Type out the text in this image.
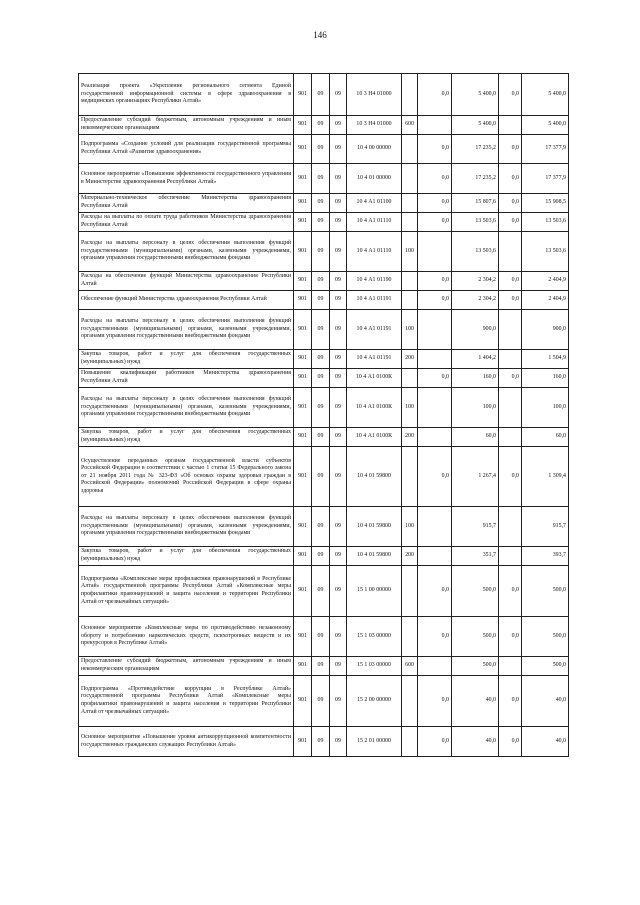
146
Реализация проекта «Укрепление регионального сегмента Единой государственной информационной системы в сфере здравоохранения в медицинских организациях Республики Алтай»	901	09	09	10 3 Н4 01000		0,0	5 400,0	0,0	5 400,0
Предоставление субсидий бюджетным, автономным учреждениям и иным некоммерческим организациям	901	09	09	10 3 Н4 01000	600		5 400,0		5 400,0
Подпрограмма «Создание условий для реализации государственной программы Республики Алтай «Развитие здравоохранения»	901	09	09	10 4 00 00000		0,0	17 235,2	0,0	17 377,9
Основное мероприятие «Повышение эффективности государственного управления в Министерстве здравоохранения Республики Алтай»	901	09	09	10 4 01 00000		0,0	17 235,2	0,0	17 377,9
Материально-техническое обеспечение Министерства здравоохранения Республики Алтай	901	09	09	10 4 А1 01100		0,0	15 807,6	0,0	15 908,5
Расходы на выплаты по оплате труда работников Министерства здравоохранения Республики Алтай	901	09	09	10 4 А1 01110		0,0	13 503,6	0,0	13 503,6
Расходы на выплаты персоналу в целях обеспечения выполнения функций государственными (муниципальными) органами, казенными учреждениями, органами управления государственными внебюджетными фондами	901	09	09	10 4 А1 01110	100		13 503,6		13 503,6
Расходы на обеспечение функций Министерства здравоохранения Республики Алтай	901	09	09	10 4 А1 01190		0,0	2 304,2	0,0	2 404,9
Обеспечение функций Министерства здравоохранения Республики Алтай	901	09	09	10 4 А1 01191		0,0	2 304,2	0,0	2 404,9
Расходы на выплаты персоналу в целях обеспечения выполнения функций государственными (муниципальными) органами, казенными учреждениями, органами управления государственными внебюджетными фондами	901	09	09	10 4 А1 01191	100		900,0		900,0
Закупка товаров, работ и услуг для обеспечения государственных (муниципальных) нужд	901	09	09	10 4 А1 01191	200		1 404,2		1 504,9
Повышение квалификации работников Министерства здравоохранения Республики Алтай	901	09	09	10 4 А1 0100К		0,0	160,0	0,0	160,0
Расходы на выплаты персоналу в целях обеспечения выполнения функций государственными (муниципальными) органами, казенными учреждениями, органами управления государственными внебюджетными фондами	901	09	09	10 4 А1 0100К	100		100,0		100,0
Закупка товаров, работ и услуг для обеспечения государственных (муниципальных) нужд	901	09	09	10 4 А1 0100К	200		60,0		60,0
Осуществление переданных органам государственной власти субъектов Российской Федерации в соответствии с частью 1 статьи 15 Федерального закона от 21 ноября 2011 года № 323-ФЗ «Об основах охраны здоровья граждан в Российской Федерации» полномочий Российской Федерации в сфере охраны здоровья	901	09	09	10 4 01 59800		0,0	1 267,4	0,0	1 309,4
Расходы на выплаты персоналу в целях обеспечения выполнения функций государственными (муниципальными) органами, казенными учреждениями, органами управления государственными внебюджетными фондами	901	09	09	10 4 01 59800	100		915,7		915,7
Закупка товаров, работ и услуг для обеспечения государственных (муниципальных) нужд	901	09	09	10 4 01 59800	200		351,7		393,7
Подпрограмма «Комплексные меры профилактики правонарушений в Республике Алтай» государственной программы Республики Алтай «Комплексные меры профилактики правонарушений и защита населения и территории Республики Алтай от чрезвычайных ситуаций»	901	09	09	15 1 00 00000		0,0	500,0	0,0	500,0
Основное мероприятие «Комплексные меры по противодействию незаконному обороту и потреблению наркотических средств, психотропных веществ и их прекурсоров в Республике Алтай»	901	09	09	15 1 03 00000		0,0	500,0	0,0	500,0
Предоставление субсидий бюджетным, автономным учреждениям и иным некоммерческим организациям	901	09	09	15 1 03 00000	600		500,0		500,0
Подпрограмма «Противодействие коррупции в Республике Алтай» государственной программы Республики Алтай «Комплексные меры профилактики правонарушений и защита населения и территории Республики Алтай от чрезвычайных ситуаций»	901	09	09	15 2 00 00000		0,0	40,0	0,0	40,0
Основное мероприятие «Повышение уровня антикоррупционной компетентности государственных гражданских служащих Республики Алтай»	901	09	09	15 2 01 00000		0,0	40,0	0,0	40,0
